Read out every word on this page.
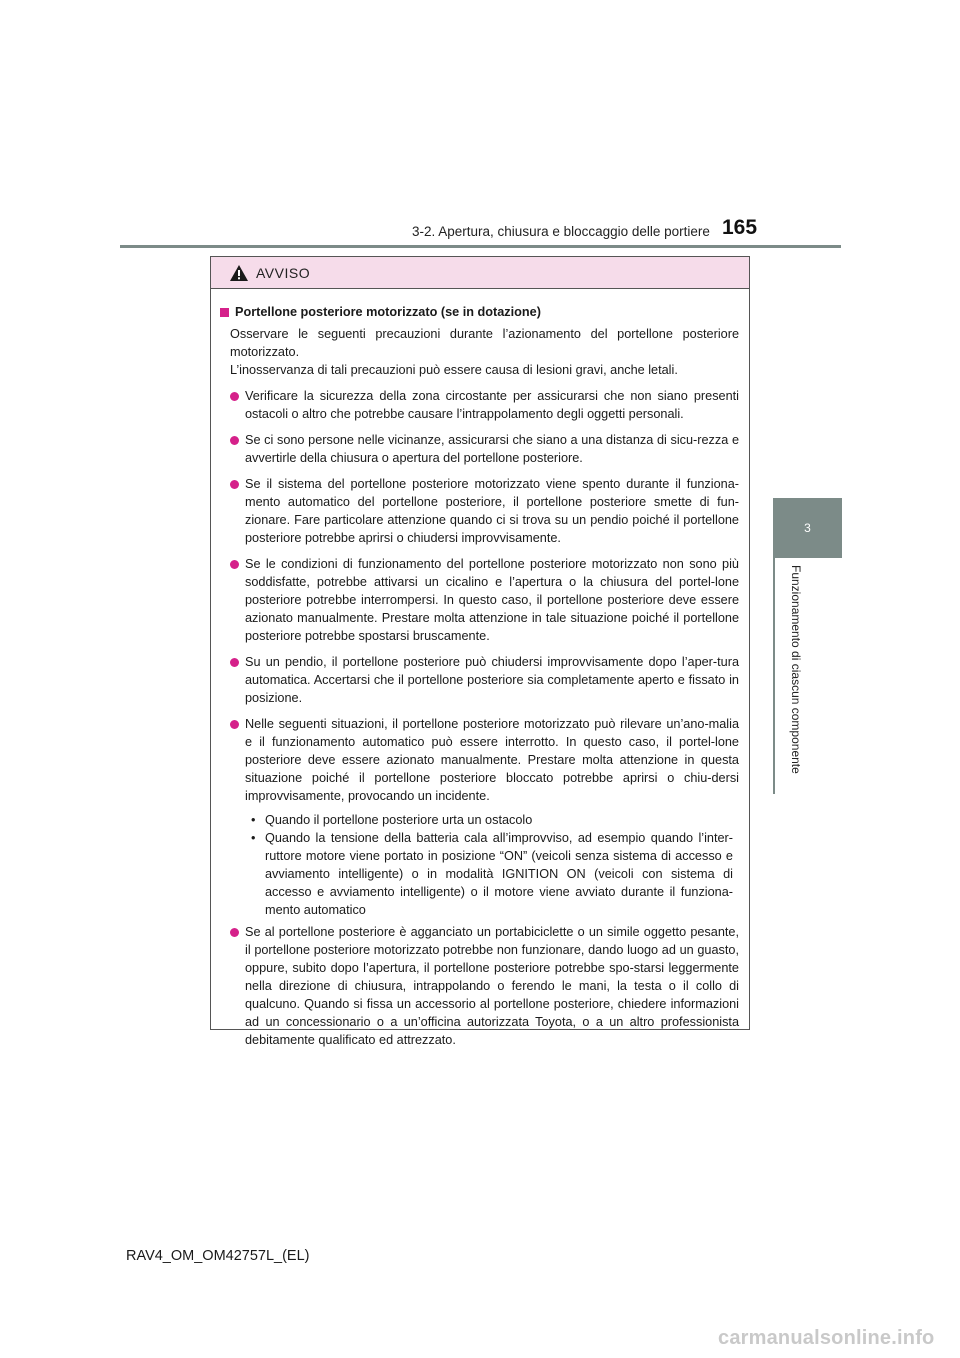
3-2. Apertura, chiusura e bloccaggio delle portiere 165
3
Funzionamento di ciascun componente
AVVISO
Portellone posteriore motorizzato (se in dotazione)

Osservare le seguenti precauzioni durante l’azionamento del portellone posteriore motorizzato.

L’inosservanza di tali precauzioni può essere causa di lesioni gravi, anche letali.

Verificare la sicurezza della zona circostante per assicurarsi che non siano presenti ostacoli o altro che potrebbe causare l’intrappolamento degli oggetti personali.
Se ci sono persone nelle vicinanze, assicurarsi che siano a una distanza di sicu-rezza e avvertirle della chiusura o apertura del portellone posteriore.
Se il sistema del portellone posteriore motorizzato viene spento durante il funziona-mento automatico del portellone posteriore, il portellone posteriore smette di fun-zionare. Fare particolare attenzione quando ci si trova su un pendio poiché il portellone posteriore potrebbe aprirsi o chiudersi improvvisamente.
Se le condizioni di funzionamento del portellone posteriore motorizzato non sono più soddisfatte, potrebbe attivarsi un cicalino e l’apertura o la chiusura del portel-lone posteriore potrebbe interrompersi. In questo caso, il portellone posteriore deve essere azionato manualmente. Prestare molta attenzione in tale situazione poiché il portellone posteriore potrebbe spostarsi bruscamente.
Su un pendio, il portellone posteriore può chiudersi improvvisamente dopo l’aper-tura automatica. Accertarsi che il portellone posteriore sia completamente aperto e fissato in posizione.
Nelle seguenti situazioni, il portellone posteriore motorizzato può rilevare un’ano-malia e il funzionamento automatico può essere interrotto. In questo caso, il portel-lone posteriore deve essere azionato manualmente. Prestare molta attenzione in questa situazione poiché il portellone posteriore bloccato potrebbe aprirsi o chiu-dersi improvvisamente, provocando un incidente.
• Quando il portellone posteriore urta un ostacolo
• Quando la tensione della batteria cala all’improvviso, ad esempio quando l’inter-ruttore motore viene portato in posizione “ON” (veicoli senza sistema di accesso e avviamento intelligente) o in modalità IGNITION ON (veicoli con sistema di accesso e avviamento intelligente) o il motore viene avviato durante il funziona-mento automatico
Se al portellone posteriore è agganciato un portabiciclette o un simile oggetto pesante, il portellone posteriore motorizzato potrebbe non funzionare, dando luogo ad un guasto, oppure, subito dopo l’apertura, il portellone posteriore potrebbe spo-starsi leggermente nella direzione di chiusura, intrappolando o ferendo le mani, la testa o il collo di qualcuno. Quando si fissa un accessorio al portellone posteriore, chiedere informazioni ad un concessionario o a un’officina autorizzata Toyota, o a un altro professionista debitamente qualificato ed attrezzato.
RAV4_OM_OM42757L_(EL)
carmanualsonline.info
